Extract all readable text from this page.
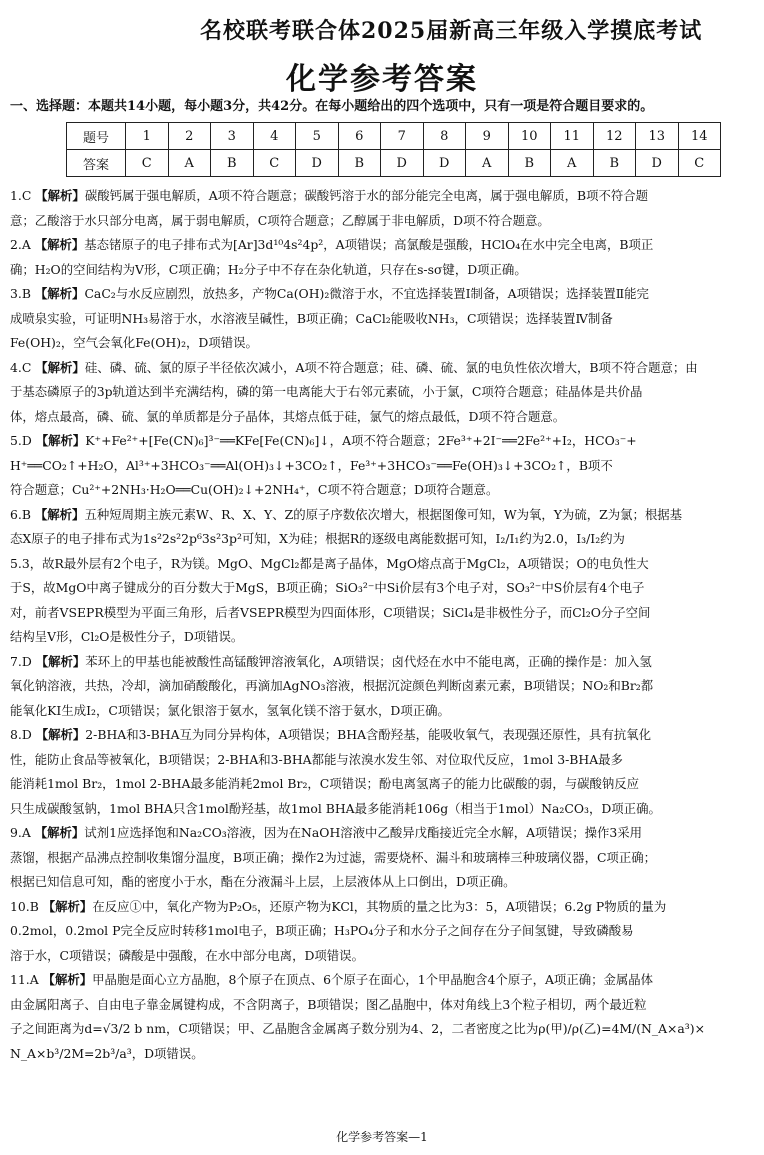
名校联考联合体2025届新高三年级入学摸底考试
化学参考答案
一、选择题：本题共14小题，每小题3分，共42分。在每小题给出的四个选项中，只有一项是符合题目要求的。
题号	1	2	3	4	5	6	7	8	9	10	11	12	13	14
答案	C	A	B	C	D	B	D	D	A	B	A	B	D	C
1.C 【解析】碳酸钙属于强电解质，A项不符合题意；碳酸钙溶于水的部分能完全电离，属于强电解质，B项不符合题
意；乙酸溶于水只部分电离，属于弱电解质，C项符合题意；乙醇属于非电解质，D项不符合题意。
2.A 【解析】基态锗原子的电子排布式为[Ar]3d¹⁰4s²4p²，A项错误；高氯酸是强酸，HClO₄在水中完全电离，B项正
确；H₂O的空间结构为V形，C项正确；H₂分子中不存在杂化轨道，只存在s-sσ键，D项正确。
3.B 【解析】CaC₂与水反应剧烈，放热多，产物Ca(OH)₂微溶于水，不宜选择装置Ⅰ制备，A项错误；选择装置Ⅱ能完
成喷泉实验，可证明NH₃易溶于水，水溶液呈碱性，B项正确；CaCl₂能吸收NH₃，C项错误；选择装置Ⅳ制备
Fe(OH)₂，空气会氧化Fe(OH)₂，D项错误。
4.C 【解析】硅、磷、硫、氯的原子半径依次减小，A项不符合题意；硅、磷、硫、氯的电负性依次增大，B项不符合题意；由
于基态磷原子的3p轨道达到半充满结构，磷的第一电离能大于右邻元素硫，小于氯，C项符合题意；硅晶体是共价晶
体，熔点最高，磷、硫、氯的单质都是分子晶体，其熔点低于硅，氯气的熔点最低，D项不符合题意。
5.D 【解析】K⁺+Fe²⁺+[Fe(CN)₆]³⁻══KFe[Fe(CN)₆]↓，A项不符合题意；2Fe³⁺+2I⁻══2Fe²⁺+I₂，HCO₃⁻+
H⁺══CO₂↑+H₂O，Al³⁺+3HCO₃⁻══Al(OH)₃↓+3CO₂↑，Fe³⁺+3HCO₃⁻══Fe(OH)₃↓+3CO₂↑，B项不
符合题意；Cu²⁺+2NH₃·H₂O══Cu(OH)₂↓+2NH₄⁺，C项不符合题意；D项符合题意。
6.B 【解析】五种短周期主族元素W、R、X、Y、Z的原子序数依次增大，根据图像可知，W为氧，Y为硫，Z为氯；根据基
态X原子的电子排布式为1s²2s²2p⁶3s²3p²可知，X为硅；根据R的逐级电离能数据可知，I₂/I₁约为2.0，I₃/I₂约为
5.3，故R最外层有2个电子，R为镁。MgO、MgCl₂都是离子晶体，MgO熔点高于MgCl₂，A项错误；O的电负性大
于S，故MgO中离子键成分的百分数大于MgS，B项正确；SiO₃²⁻中Si价层有3个电子对，SO₃²⁻中S价层有4个电子
对，前者VSEPR模型为平面三角形，后者VSEPR模型为四面体形，C项错误；SiCl₄是非极性分子，而Cl₂O分子空间
结构呈V形，Cl₂O是极性分子，D项错误。
7.D 【解析】苯环上的甲基也能被酸性高锰酸钾溶液氧化，A项错误；卤代烃在水中不能电离，正确的操作是：加入氢
氧化钠溶液，共热，冷却，滴加硝酸酸化，再滴加AgNO₃溶液，根据沉淀颜色判断卤素元素，B项错误；NO₂和Br₂都
能氧化KI生成I₂，C项错误；氯化银溶于氨水，氢氧化镁不溶于氨水，D项正确。
8.D 【解析】2-BHA和3-BHA互为同分异构体，A项错误；BHA含酚羟基，能吸收氧气，表现强还原性，具有抗氧化
性，能防止食品等被氧化，B项错误；2-BHA和3-BHA都能与浓溴水发生邻、对位取代反应，1mol 3-BHA最多
能消耗1mol Br₂，1mol 2-BHA最多能消耗2mol Br₂，C项错误；酚电离氢离子的能力比碳酸的弱，与碳酸钠反应
只生成碳酸氢钠，1mol BHA只含1mol酚羟基，故1mol BHA最多能消耗106g（相当于1mol）Na₂CO₃，D项正确。
9.A 【解析】试剂1应选择饱和Na₂CO₃溶液，因为在NaOH溶液中乙酸异戊酯接近完全水解，A项错误；操作3采用
蒸馏，根据产品沸点控制收集馏分温度，B项正确；操作2为过滤，需要烧杯、漏斗和玻璃棒三种玻璃仪器，C项正确；
根据已知信息可知，酯的密度小于水，酯在分液漏斗上层，上层液体从上口倒出，D项正确。
10.B 【解析】在反应①中，氧化产物为P₂O₅，还原产物为KCl，其物质的量之比为3：5，A项错误；6.2g P物质的量为
0.2mol，0.2mol P完全反应时转移1mol电子，B项正确；H₃PO₄分子和水分子之间存在分子间氢键，导致磷酸易
溶于水，C项错误；磷酸是中强酸，在水中部分电离，D项错误。
11.A 【解析】甲晶胞是面心立方晶胞，8个原子在顶点、6个原子在面心，1个甲晶胞含4个原子，A项正确；金属晶体
由金属阳离子、自由电子靠金属键构成，不含阴离子，B项错误；图乙晶胞中，体对角线上3个粒子相切，两个最近粒
子之间距离为d=√3/2 b nm，C项错误；甲、乙晶胞含金属离子数分别为4、2，二者密度之比为ρ(甲)/ρ(乙)=4M/(N_A×a³)×
N_A×b³/2M=2b³/a³，D项错误。
化学参考答案—1
